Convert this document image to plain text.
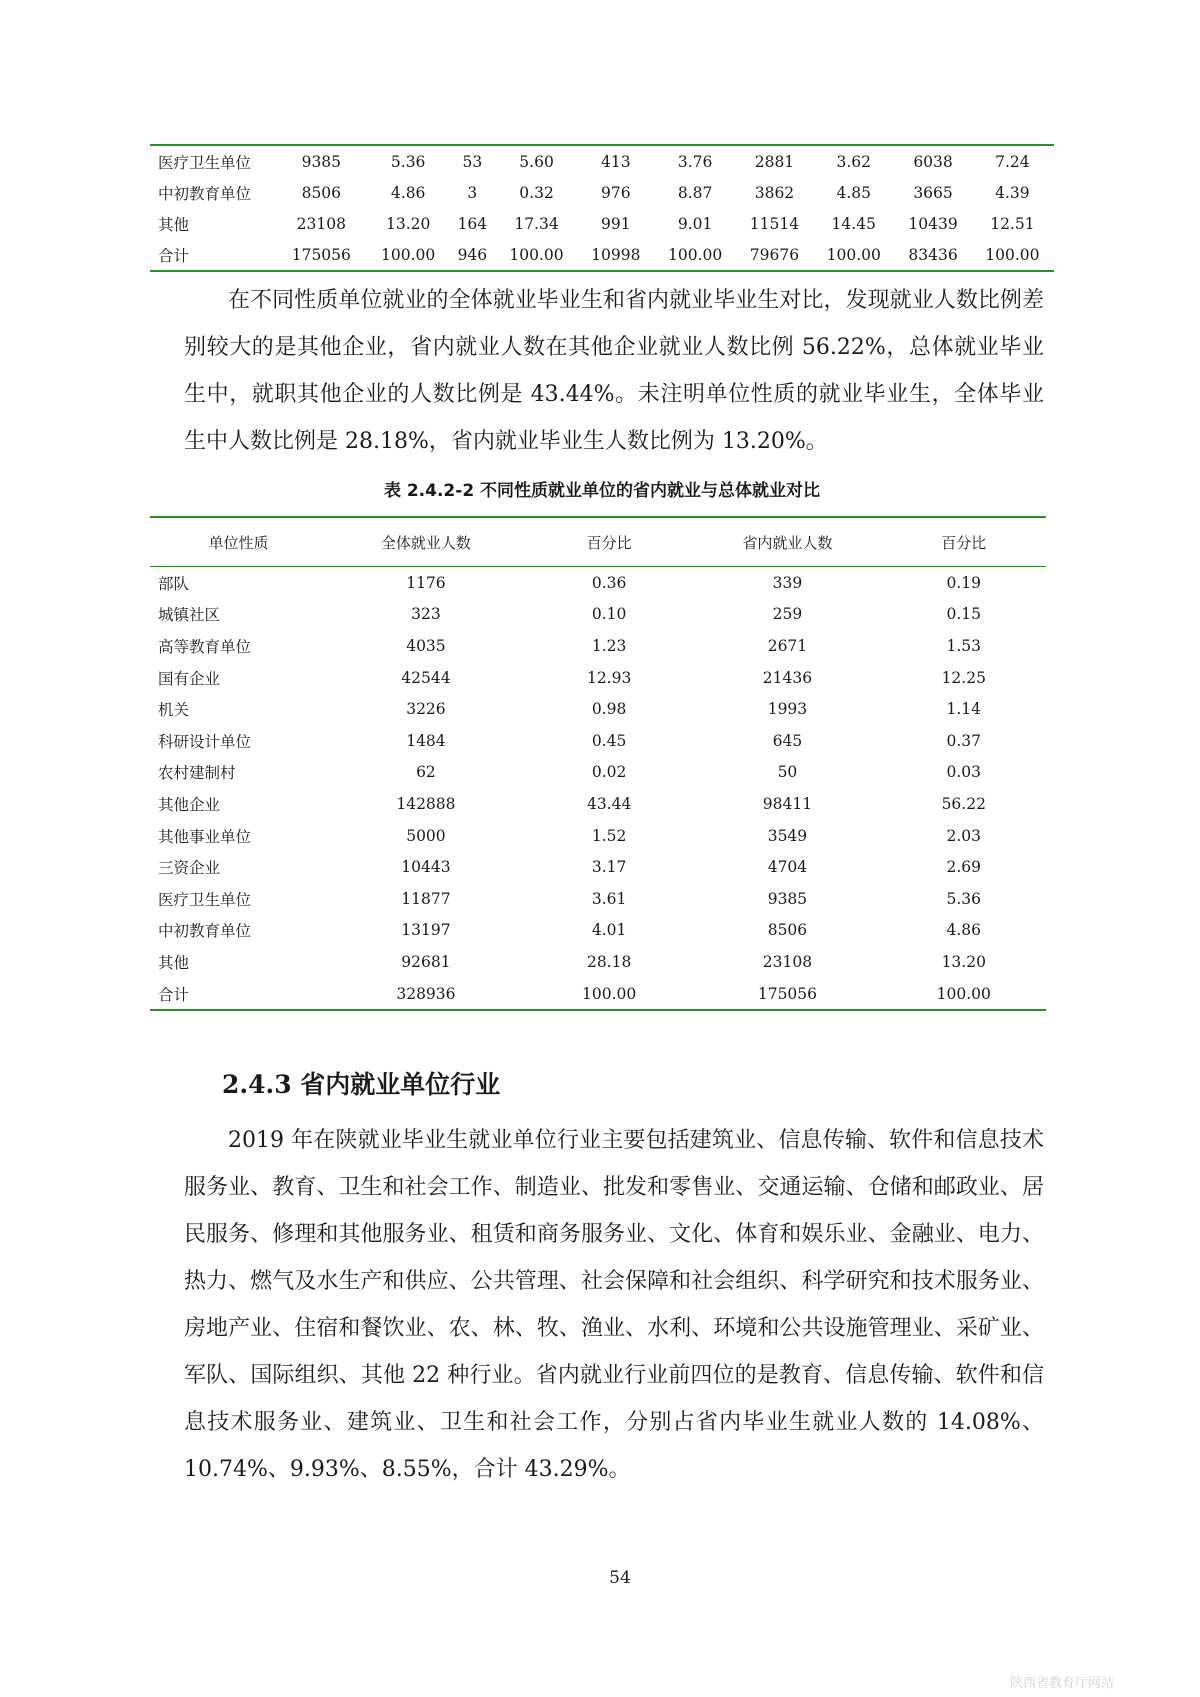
医疗卫生单位	9385	5.36	53	5.60	413	3.76	2881	3.62	6038	7.24
中初教育单位	8506	4.86	3	0.32	976	8.87	3862	4.85	3665	4.39
其他	23108	13.20	164	17.34	991	9.01	11514	14.45	10439	12.51
合计	175056	100.00	946	100.00	10998	100.00	79676	100.00	83436	100.00

在不同性质单位就业的全体就业毕业生和省内就业毕业生对比，发现就业人数比例差别较大的是其他企业，省内就业人数在其他企业就业人数比例 56.22%，总体就业毕业生中，就职其他企业的人数比例是 43.44%。未注明单位性质的就业毕业生，全体毕业生中人数比例是 28.18%，省内就业毕业生人数比例为 13.20%。

表 2.4.2-2 不同性质就业单位的省内就业与总体就业对比
单位性质	全体就业人数	百分比	省内就业人数	百分比
部队	1176	0.36	339	0.19
城镇社区	323	0.10	259	0.15
高等教育单位	4035	1.23	2671	1.53
国有企业	42544	12.93	21436	12.25
机关	3226	0.98	1993	1.14
科研设计单位	1484	0.45	645	0.37
农村建制村	62	0.02	50	0.03
其他企业	142888	43.44	98411	56.22
其他事业单位	5000	1.52	3549	2.03
三资企业	10443	3.17	4704	2.69
医疗卫生单位	11877	3.61	9385	5.36
中初教育单位	13197	4.01	8506	4.86
其他	92681	28.18	23108	13.20
合计	328936	100.00	175056	100.00
2.4.3 省内就业单位行业

2019 年在陕就业毕业生就业单位行业主要包括建筑业、信息传输、软件和信息技术服务业、教育、卫生和社会工作、制造业、批发和零售业、交通运输、仓储和邮政业、居民服务、修理和其他服务业、租赁和商务服务业、文化、体育和娱乐业、金融业、电力、热力、燃气及水生产和供应、公共管理、社会保障和社会组织、科学研究和技术服务业、房地产业、住宿和餐饮业、农、林、牧、渔业、水利、环境和公共设施管理业、采矿业、军队、国际组织、其他 22 种行业。省内就业行业前四位的是教育、信息传输、软件和信息技术服务业、建筑业、卫生和社会工作，分别占省内毕业生就业人数的 14.08%、10.74%、9.93%、8.55%，合计 43.29%。

54
陕西省教育厅网站
